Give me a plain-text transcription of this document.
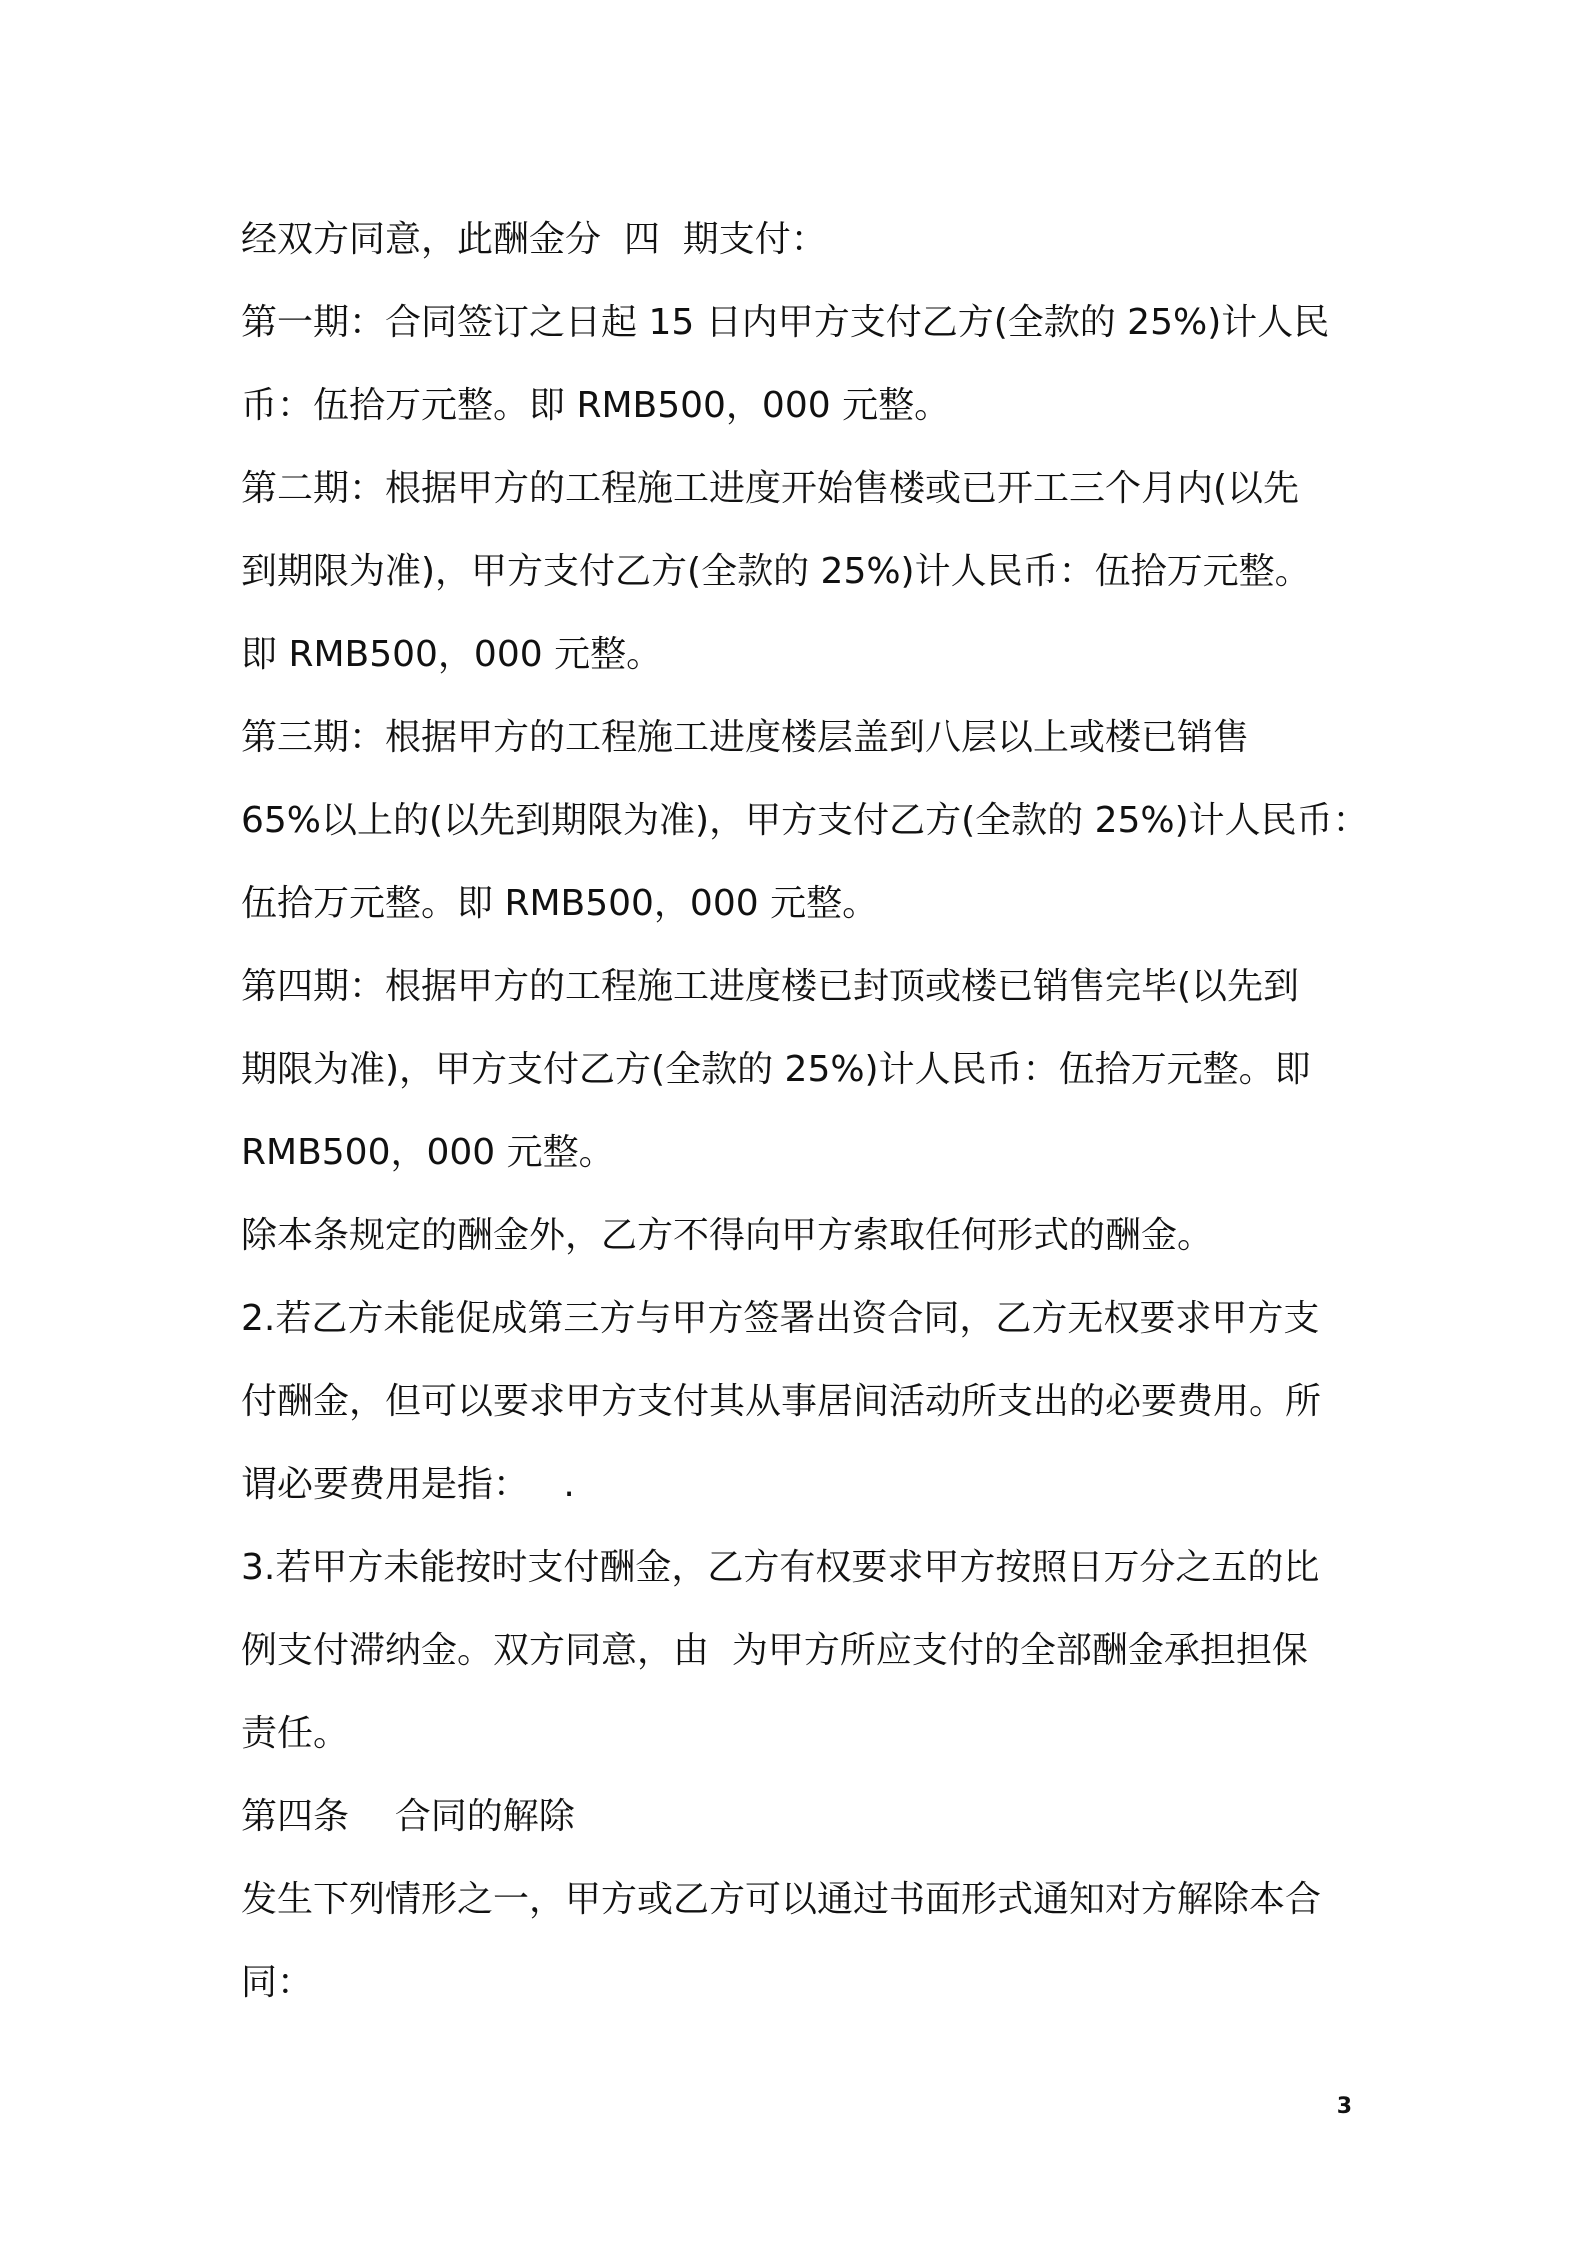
经双方同意，此酬金分  四  期支付：
第一期：合同签订之日起 15 日内甲方支付乙方(全款的 25%)计人民
币：伍拾万元整。即 RMB500，000 元整。
第二期：根据甲方的工程施工进度开始售楼或已开工三个月内(以先
到期限为准)，甲方支付乙方(全款的 25%)计人民币：伍拾万元整。
即 RMB500，000 元整。
第三期：根据甲方的工程施工进度楼层盖到八层以上或楼已销售
65%以上的(以先到期限为准)，甲方支付乙方(全款的 25%)计人民币：
伍拾万元整。即 RMB500，000 元整。
第四期：根据甲方的工程施工进度楼已封顶或楼已销售完毕(以先到
期限为准)，甲方支付乙方(全款的 25%)计人民币：伍拾万元整。即
RMB500，000 元整。
除本条规定的酬金外，乙方不得向甲方索取任何形式的酬金。
2.若乙方未能促成第三方与甲方签署出资合同，乙方无权要求甲方支
付酬金，但可以要求甲方支付其从事居间活动所支出的必要费用。所
谓必要费用是指：   .
3.若甲方未能按时支付酬金，乙方有权要求甲方按照日万分之五的比
例支付滞纳金。双方同意，由  为甲方所应支付的全部酬金承担担保
责任。
第四条    合同的解除
发生下列情形之一，甲方或乙方可以通过书面形式通知对方解除本合
同：
3
